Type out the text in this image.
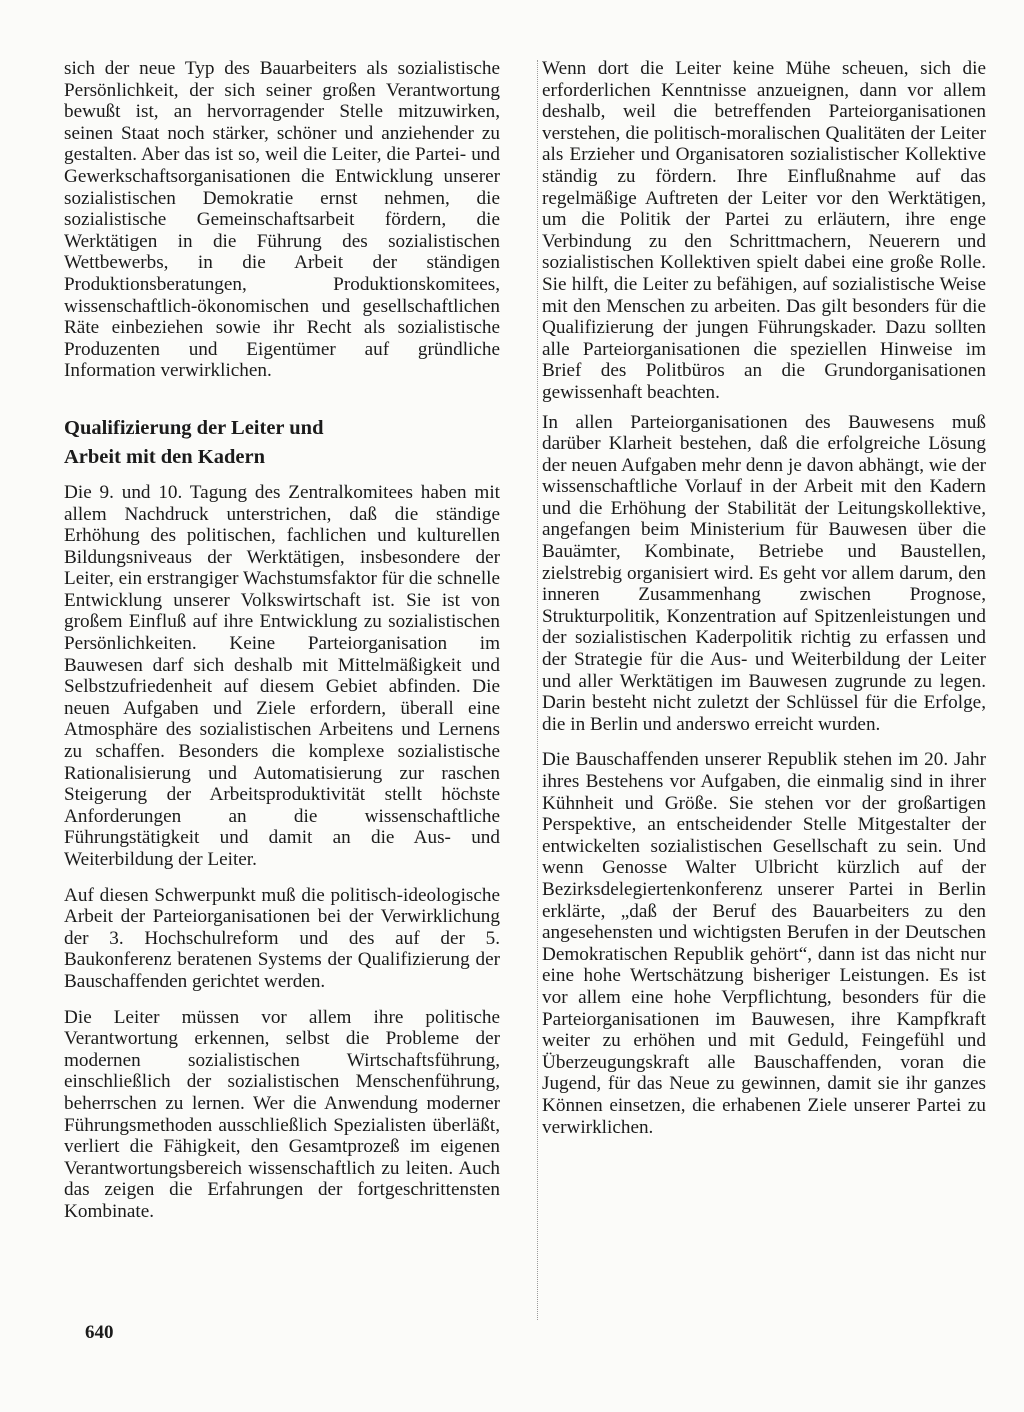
sich der neue Typ des Bauarbeiters als sozialistische Persönlichkeit, der sich seiner großen Verantwortung bewußt ist, an hervorragender Stelle mitzuwirken, seinen Staat noch stärker, schöner und anziehender zu gestalten. Aber das ist so, weil die Leiter, die Partei- und Gewerkschaftsorganisationen die Entwicklung unserer sozialistischen Demokratie ernst nehmen, die sozialistische Gemeinschaftsarbeit fördern, die Werktätigen in die Führung des sozialistischen Wettbewerbs, in die Arbeit der ständigen Produktionsberatungen, Produktionskomitees, wissenschaftlich-ökonomischen und gesellschaftlichen Räte einbeziehen sowie ihr Recht als sozialistische Produzenten und Eigentümer auf gründliche Information verwirklichen.

Qualifizierung der Leiter und
Arbeit mit den Kadern

Die 9. und 10. Tagung des Zentralkomitees haben mit allem Nachdruck unterstrichen, daß die ständige Erhöhung des politischen, fachlichen und kulturellen Bildungsniveaus der Werktätigen, insbesondere der Leiter, ein erstrangiger Wachstumsfaktor für die schnelle Entwicklung unserer Volkswirtschaft ist. Sie ist von großem Einfluß auf ihre Entwicklung zu sozialistischen Persönlichkeiten. Keine Parteiorganisation im Bauwesen darf sich deshalb mit Mittelmäßigkeit und Selbstzufriedenheit auf diesem Gebiet abfinden. Die neuen Aufgaben und Ziele erfordern, überall eine Atmosphäre des sozialistischen Arbeitens und Lernens zu schaffen. Besonders die komplexe sozialistische Rationalisierung und Automatisierung zur raschen Steigerung der Arbeitsproduktivität stellt höchste Anforderungen an die wissenschaftliche Führungstätigkeit und damit an die Aus- und Weiterbildung der Leiter.

Auf diesen Schwerpunkt muß die politisch-ideologische Arbeit der Parteiorganisationen bei der Verwirklichung der 3. Hochschulreform und des auf der 5. Baukonferenz beratenen Systems der Qualifizierung der Bauschaffenden gerichtet werden.

Die Leiter müssen vor allem ihre politische Verantwortung erkennen, selbst die Probleme der modernen sozialistischen Wirtschaftsführung, einschließlich der sozialistischen Menschenführung, beherrschen zu lernen. Wer die Anwendung moderner Führungsmethoden ausschließlich Spezialisten überläßt, verliert die Fähigkeit, den Gesamtprozeß im eigenen Verantwortungsbereich wissenschaftlich zu leiten. Auch das zeigen die Erfahrungen der fortgeschrittensten Kombinate.

Wenn dort die Leiter keine Mühe scheuen, sich die erforderlichen Kenntnisse anzueignen, dann vor allem deshalb, weil die betreffenden Parteiorganisationen verstehen, die politisch-moralischen Qualitäten der Leiter als Erzieher und Organisatoren sozialistischer Kollektive ständig zu fördern. Ihre Einflußnahme auf das regelmäßige Auftreten der Leiter vor den Werktätigen, um die Politik der Partei zu erläutern, ihre enge Verbindung zu den Schrittmachern, Neuerern und sozialistischen Kollektiven spielt dabei eine große Rolle. Sie hilft, die Leiter zu befähigen, auf sozialistische Weise mit den Menschen zu arbeiten. Das gilt besonders für die Qualifizierung der jungen Führungskader. Dazu sollten alle Parteiorganisationen die speziellen Hinweise im Brief des Politbüros an die Grundorganisationen gewissenhaft beachten.

In allen Parteiorganisationen des Bauwesens muß darüber Klarheit bestehen, daß die erfolgreiche Lösung der neuen Aufgaben mehr denn je davon abhängt, wie der wissenschaftliche Vorlauf in der Arbeit mit den Kadern und die Erhöhung der Stabilität der Leitungskollektive, angefangen beim Ministerium für Bauwesen über die Bauämter, Kombinate, Betriebe und Baustellen, zielstrebig organisiert wird. Es geht vor allem darum, den inneren Zusammenhang zwischen Prognose, Strukturpolitik, Konzentration auf Spitzenleistungen und der sozialistischen Kaderpolitik richtig zu erfassen und der Strategie für die Aus- und Weiterbildung der Leiter und aller Werktätigen im Bauwesen zugrunde zu legen. Darin besteht nicht zuletzt der Schlüssel für die Erfolge, die in Berlin und anderswo erreicht wurden.

Die Bauschaffenden unserer Republik stehen im 20. Jahr ihres Bestehens vor Aufgaben, die einmalig sind in ihrer Kühnheit und Größe. Sie stehen vor der großartigen Perspektive, an entscheidender Stelle Mitgestalter der entwickelten sozialistischen Gesellschaft zu sein. Und wenn Genosse Walter Ulbricht kürzlich auf der Bezirksdelegiertenkonferenz unserer Partei in Berlin erklärte, „daß der Beruf des Bauarbeiters zu den angesehensten und wichtigsten Berufen in der Deutschen Demokratischen Republik gehört“, dann ist das nicht nur eine hohe Wertschätzung bisheriger Leistungen. Es ist vor allem eine hohe Verpflichtung, besonders für die Parteiorganisationen im Bauwesen, ihre Kampfkraft weiter zu erhöhen und mit Geduld, Feingefühl und Überzeugungskraft alle Bauschaffenden, voran die Jugend, für das Neue zu gewinnen, damit sie ihr ganzes Können einsetzen, die erhabenen Ziele unserer Partei zu verwirklichen.

640
